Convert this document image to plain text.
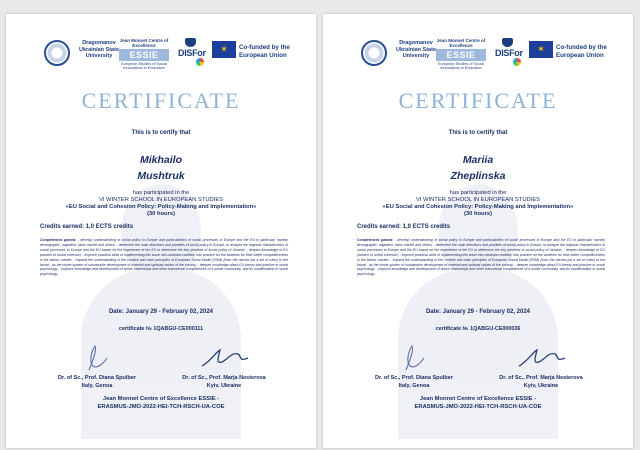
Dragomanov Ukrainian State University
Jean Monnet Centre of Excellence
ESSIE
European Studies of Social Innovations in Education
DISFor	✶	Co-funded by the European Union
CERTIFICATE
This is to certify that
Mikhailo
Mushtruk
has participated in the
VI WINTER SCHOOL IN EUROPEAN STUDIES
«EU Social and Cohesion Policy: Policy-Making and Implementation»
(30 hours)
Credits earned: 1,0 ECTS credits
Competences gained: - develop understanding of social policy in Europe and particularities of social processes in Europe and the EU in particular, namely demographic, migration, labor market and others; - determine the main directions and priorities of social policy in Europe, to analyze the regional characteristics of social processes in Europe and the EU based on the experience of the EU to determine the key priorities of social policy of Ukraine; - deepen knowledge of EU practice of social cohesion; - improve practical skills of implementing this issue into ukrainian realities, into practice for the students for their better competitiveness in the labour market; - expand the understanding of the content and main principles of European Social Model (ESM) (from the narrow (as a set of rules) to the broad - as the whole system of sustainable development of material and spiritual values of the society; - deepen knowledge about EU theory and practice in social psychology; - improve knowledge and development of active citizenships and other transversal competences of a whole community, and its manifestation in social psychology.
Date: January 29 - February 02, 2024
certificate № 1QABGU-CE000111
Dr. of Sc., Prof. Diana Spulber
Italy, Genoa
Dr. of Sc., Prof. Marja Nesterova
Kyiv, Ukraine
Jean Monnet Centre of Excellence ESSIE -
ERASMUS-JMO-2022-HEI-TCH-RSCH-UA-COE
Dragomanov Ukrainian State University
Jean Monnet Centre of Excellence
ESSIE
European Studies of Social Innovations in Education
DISFor	✶	Co-funded by the European Union
CERTIFICATE
This is to certify that
Mariia
Zheplinska
has participated in the
VI WINTER SCHOOL IN EUROPEAN STUDIES
«EU Social and Cohesion Policy: Policy-Making and Implementation»
(30 hours)
Credits earned: 1,0 ECTS credits
Competences gained: - develop understanding of social policy in Europe and particularities of social processes in Europe and the EU in particular, namely demographic, migration, labor market and others; - determine the main directions and priorities of social policy in Europe, to analyze the regional characteristics of social processes in Europe and the EU based on the experience of the EU to determine the key priorities of social policy of Ukraine; - deepen knowledge of EU practice of social cohesion; - improve practical skills of implementing this issue into ukrainian realities, into practice for the students for their better competitiveness in the labour market; - expand the understanding of the content and main principles of European Social Model (ESM) (from the narrow (as a set of rules) to the broad - as the whole system of sustainable development of material and spiritual values of the society; - deepen knowledge about EU theory and practice in social psychology; - improve knowledge and development of active citizenships and other transversal competences of a whole community, and its manifestation in social psychology.
Date: January 29 - February 02, 2024
certificate № 1QABGU-CE000036
Dr. of Sc., Prof. Diana Spulber
Italy, Genoa
Dr. of Sc., Prof. Marja Nesterova
Kyiv, Ukraine
Jean Monnet Centre of Excellence ESSIE -
ERASMUS-JMO-2022-HEI-TCH-RSCH-UA-COE
